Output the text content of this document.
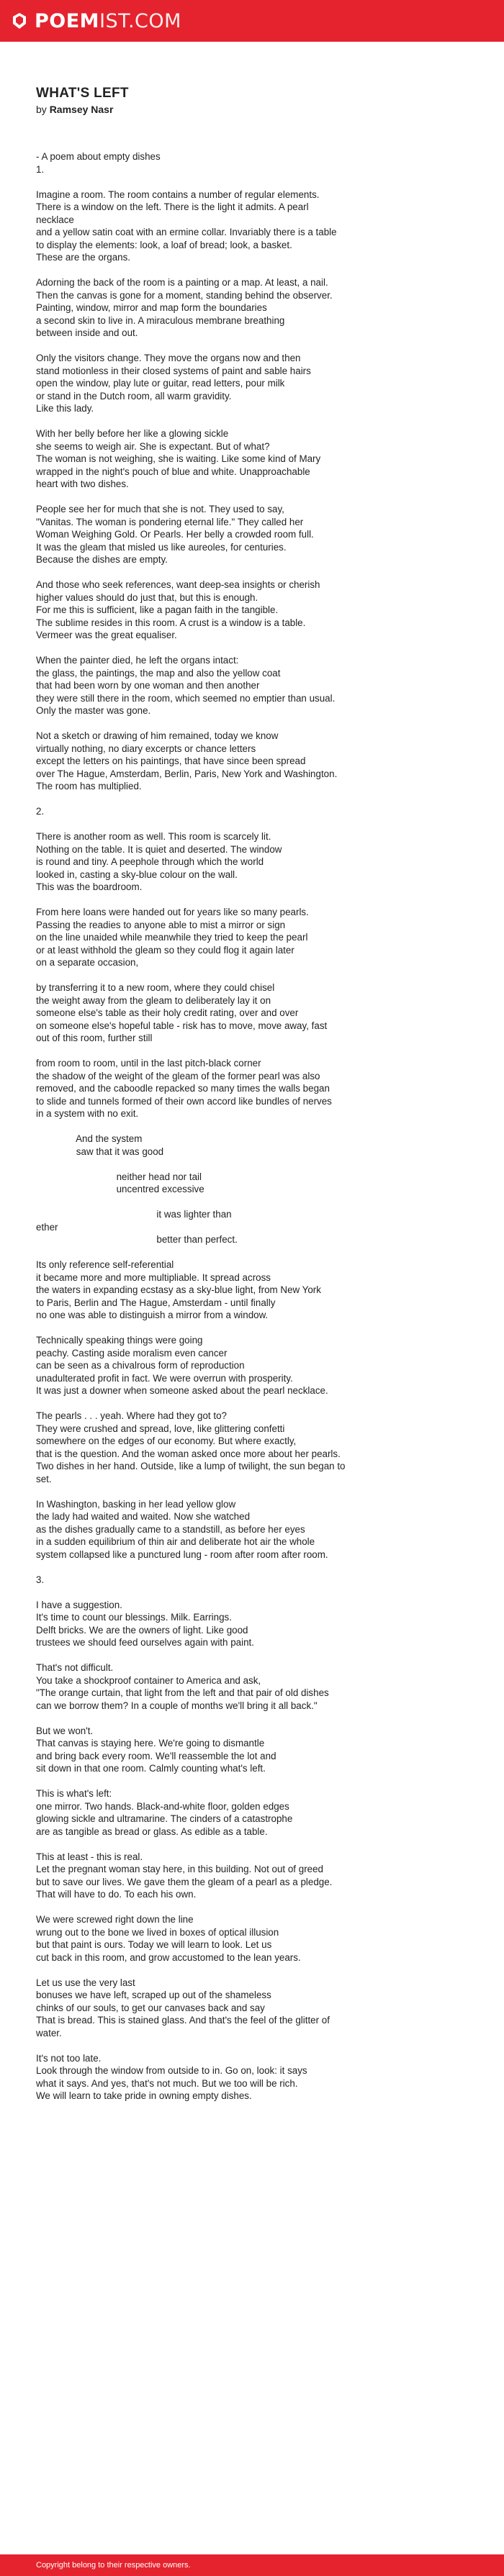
POEMIST.COM
WHAT'S LEFT

by Ramsey Nasr

- A poem about empty dishes
1.

Imagine a room. The room contains a number of regular elements.
There is a window on the left. There is the light it admits. A pearl
necklace
and a yellow satin coat with an ermine collar. Invariably there is a table
to display the elements: look, a loaf of bread; look, a basket.
These are the organs.

Adorning the back of the room is a painting or a map. At least, a nail.
Then the canvas is gone for a moment, standing behind the observer.
Painting, window, mirror and map form the boundaries
a second skin to live in. A miraculous membrane breathing
between inside and out.

Only the visitors change. They move the organs now and then
stand motionless in their closed systems of paint and sable hairs
open the window, play lute or guitar, read letters, pour milk
or stand in the Dutch room, all warm gravidity.
Like this lady.

With her belly before her like a glowing sickle
she seems to weigh air. She is expectant. But of what?
The woman is not weighing, she is waiting. Like some kind of Mary
wrapped in the night's pouch of blue and white. Unapproachable
heart with two dishes.

People see her for much that she is not. They used to say,
"Vanitas. The woman is pondering eternal life." They called her
Woman Weighing Gold. Or Pearls. Her belly a crowded room full.
It was the gleam that misled us like aureoles, for centuries.
Because the dishes are empty.

And those who seek references, want deep-sea insights or cherish
higher values should do just that, but this is enough.
For me this is sufficient, like a pagan faith in the tangible.
The sublime resides in this room. A crust is a window is a table.
Vermeer was the great equaliser.

When the painter died, he left the organs intact:
the glass, the paintings, the map and also the yellow coat
that had been worn by one woman and then another
they were still there in the room, which seemed no emptier than usual.
Only the master was gone.

Not a sketch or drawing of him remained, today we know
virtually nothing, no diary excerpts or chance letters
except the letters on his paintings, that have since been spread
over The Hague, Amsterdam, Berlin, Paris, New York and Washington.
The room has multiplied.

2.

There is another room as well. This room is scarcely lit.
Nothing on the table. It is quiet and deserted. The window
is round and tiny. A peephole through which the world
looked in, casting a sky-blue colour on the wall.
This was the boardroom.

From here loans were handed out for years like so many pearls.
Passing the readies to anyone able to mist a mirror or sign
on the line unaided while meanwhile they tried to keep the pearl
or at least withhold the gleam so they could flog it again later
on a separate occasion,

by transferring it to a new room, where they could chisel
the weight away from the gleam to deliberately lay it on
someone else's table as their holy credit rating, over and over
on someone else's hopeful table - risk has to move, move away, fast
out of this room, further still

from room to room, until in the last pitch-black corner
the shadow of the weight of the gleam of the former pearl was also
removed, and the caboodle repacked so many times the walls began
to slide and tunnels formed of their own accord like bundles of nerves
in a system with no exit.

And the system
saw that it was good

neither head nor tail
uncentred excessive

it was lighter than
ether
better than perfect.

Its only reference self-referential
it became more and more multipliable. It spread across
the waters in expanding ecstasy as a sky-blue light, from New York
to Paris, Berlin and The Hague, Amsterdam - until finally
no one was able to distinguish a mirror from a window.

Technically speaking things were going
peachy. Casting aside moralism even cancer
can be seen as a chivalrous form of reproduction
unadulterated profit in fact. We were overrun with prosperity.
It was just a downer when someone asked about the pearl necklace.

The pearls . . . yeah. Where had they got to?
They were crushed and spread, love, like glittering confetti
somewhere on the edges of our economy. But where exactly,
that is the question. And the woman asked once more about her pearls.
Two dishes in her hand. Outside, like a lump of twilight, the sun began to
set.

In Washington, basking in her lead yellow glow
the lady had waited and waited. Now she watched
as the dishes gradually came to a standstill, as before her eyes
in a sudden equilibrium of thin air and deliberate hot air the whole
system collapsed like a punctured lung - room after room after room.

3.

I have a suggestion.
It's time to count our blessings. Milk. Earrings.
Delft bricks. We are the owners of light. Like good
trustees we should feed ourselves again with paint.

That's not difficult.
You take a shockproof container to America and ask,
"The orange curtain, that light from the left and that pair of old dishes
can we borrow them? In a couple of months we'll bring it all back."

But we won't.
That canvas is staying here. We're going to dismantle
and bring back every room. We'll reassemble the lot and
sit down in that one room. Calmly counting what's left.

This is what's left:
one mirror. Two hands. Black-and-white floor, golden edges
glowing sickle and ultramarine. The cinders of a catastrophe
are as tangible as bread or glass. As edible as a table.

This at least - this is real.
Let the pregnant woman stay here, in this building. Not out of greed
but to save our lives. We gave them the gleam of a pearl as a pledge.
That will have to do. To each his own.

We were screwed right down the line
wrung out to the bone we lived in boxes of optical illusion
but that paint is ours. Today we will learn to look. Let us
cut back in this room, and grow accustomed to the lean years.

Let us use the very last
bonuses we have left, scraped up out of the shameless
chinks of our souls, to get our canvases back and say
That is bread. This is stained glass. And that's the feel of the glitter of
water.

It's not too late.
Look through the window from outside to in. Go on, look: it says
what it says. And yes, that's not much. But we too will be rich.
We will learn to take pride in owning empty dishes.

Copyright belong to their respective owners.
